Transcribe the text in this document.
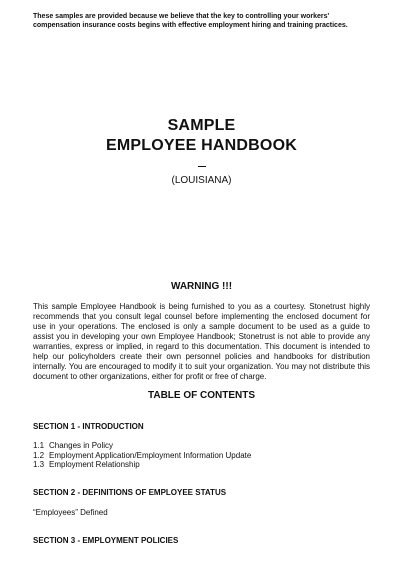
These samples are provided because we believe that the key to controlling your workers' compensation insurance costs begins with effective employment hiring and training practices.
SAMPLE
EMPLOYEE HANDBOOK
(LOUISIANA)
WARNING !!!

This sample Employee Handbook is being furnished to you as a courtesy. Stonetrust highly recommends that you consult legal counsel before implementing the enclosed document for use in your operations. The enclosed is only a sample document to be used as a guide to assist you in developing your own Employee Handbook; Stonetrust is not able to provide any warranties, express or implied, in regard to this documentation. This document is intended to help our policyholders create their own personnel policies and handbooks for distribution internally. You are encouraged to modify it to suit your organization. You may not distribute this document to other organizations, either for profit or free of charge.

TABLE OF CONTENTS
SECTION 1 - INTRODUCTION
1.1 Changes in Policy
1.2 Employment Application/Employment Information Update
1.3 Employment Relationship
SECTION 2 - DEFINITIONS OF EMPLOYEE STATUS
“Employees” Defined
SECTION 3 - EMPLOYMENT POLICIES
